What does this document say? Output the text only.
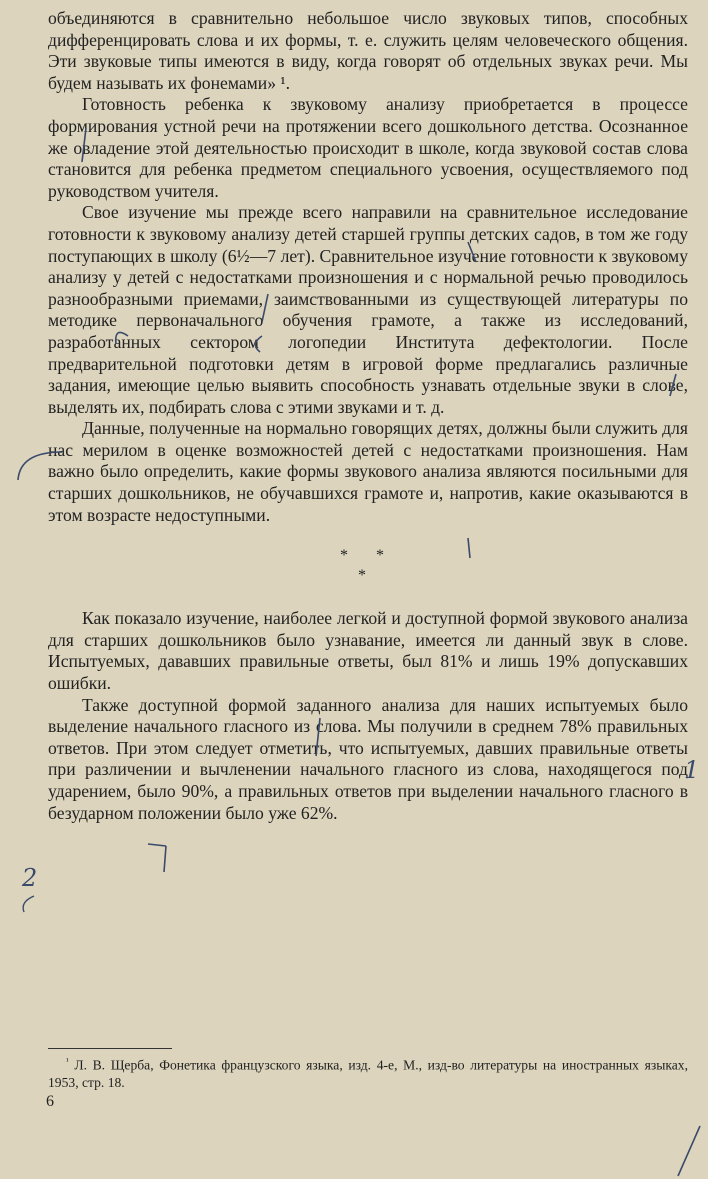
объединяются в сравнительно небольшое число звуковых типов, способных дифференцировать слова и их формы, т. е. служить целям человеческого общения. Эти звуковые типы имеются в виду, когда говорят об отдельных звуках речи. Мы будем называть их фонемами» ¹.

Готовность ребенка к звуковому анализу приобретается в процессе формирования устной речи на протяжении всего дошкольного детства. Осознанное же овладение этой деятельностью происходит в школе, когда звуковой состав слова становится для ребенка предметом специального усвоения, осуществляемого под руководством учителя.

Свое изучение мы прежде всего направили на сравнительное исследование готовности к звуковому анализу детей старшей группы детских садов, в том же году поступающих в школу (6½—7 лет). Сравнительное изучение готовности к звуковому анализу у детей с недостатками произношения и с нормальной речью проводилось разнообразными приемами, заимствованными из существующей литературы по методике первоначального обучения грамоте, а также из исследований, разработанных сектором логопедии Института дефектологии. После предварительной подготовки детям в игровой форме предлагались различные задания, имеющие целью выявить способность узнавать отдельные звуки в слове, выделять их, подбирать слова с этими звуками и т. д.

Данные, полученные на нормально говорящих детях, должны были служить для нас мерилом в оценке возможностей детей с недостатками произношения. Нам важно было определить, какие формы звукового анализа являются посильными для старших дошкольников, не обучавшихся грамоте и, напротив, какие оказываются в этом возрасте недоступными.

* *
*

Как показало изучение, наиболее легкой и доступной формой звукового анализа для старших дошкольников было узнавание, имеется ли данный звук в слове. Испытуемых, дававших правильные ответы, был 81% и лишь 19% допускавших ошибки.

Также доступной формой заданного анализа для наших испытуемых было выделение начального гласного из слова. Мы получили в среднем 78% правильных ответов. При этом следует отметить, что испытуемых, давших правильные ответы при различении и вычленении начального гласного из слова, находящегося под ударением, было 90%, а правильных ответов при выделении начального гласного в безударном положении было уже 62%.

$^{^1}$ Л. В. Щерба, Фонетика французского языка, изд. 4-е, М., изд-во литературы на иностранных языках, 1953, стр. 18.
6
1
2
